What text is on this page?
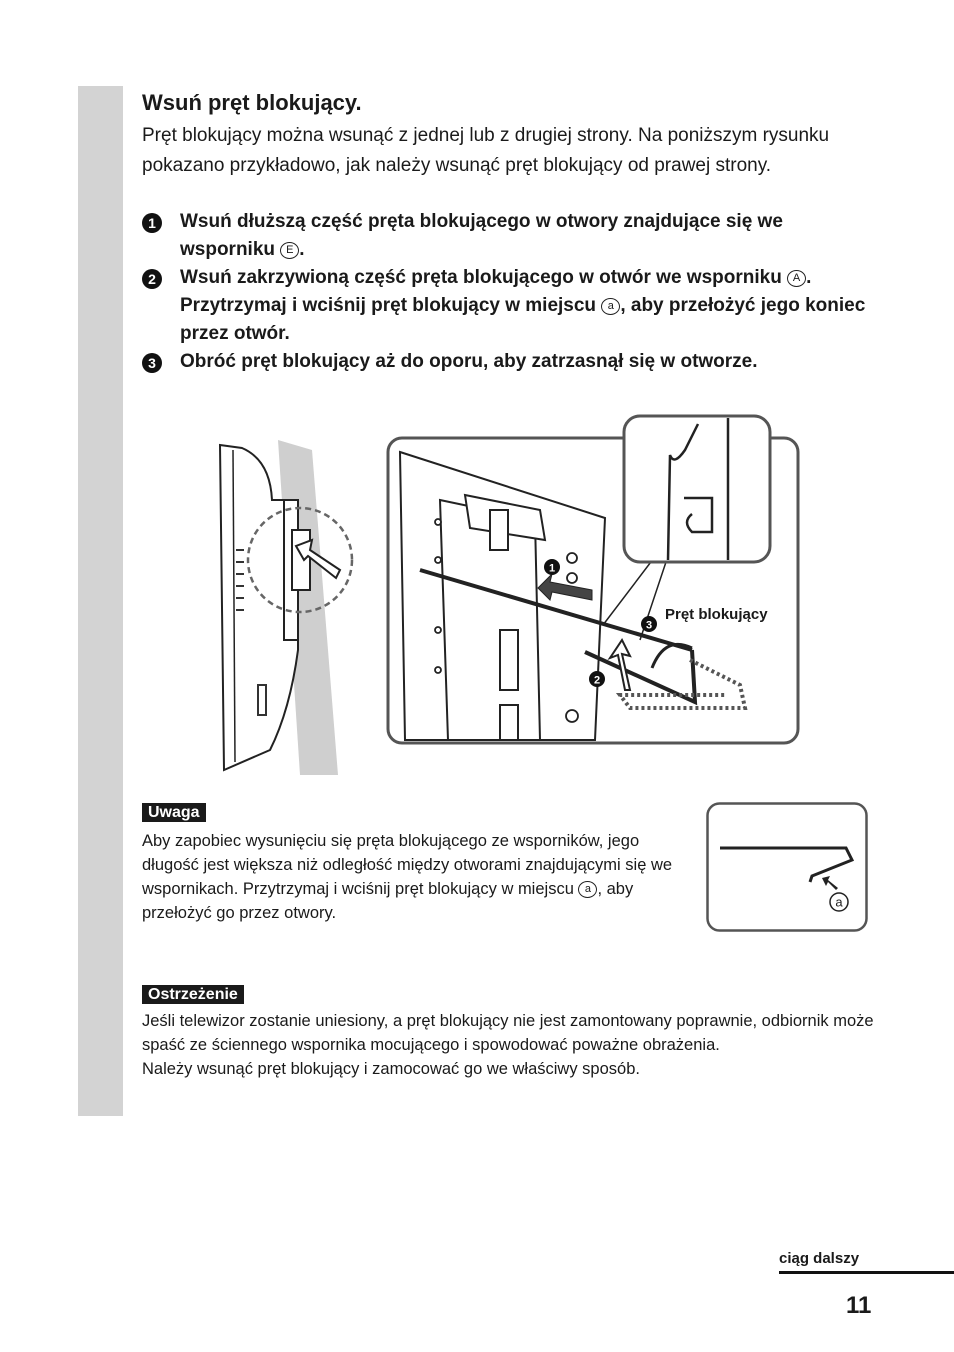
Wsuń pręt blokujący.

Pręt blokujący można wsunąć z jednej lub z drugiej strony. Na poniższym rysunku pokazano przykładowo, jak należy wsunąć pręt blokujący od prawej strony.

1	Wsuń dłuższą część pręta blokującego w otwory znajdujące się we wsporniku E .
2	Wsuń zakrzywioną część pręta blokującego w otwór we wsporniku A . Przytrzymaj i wciśnij pręt blokujący w miejscu a , aby przełożyć jego koniec przez otwór.
3	Obróć pręt blokujący aż do oporu, aby zatrzasnął się w otworze.
1
2
3
Pręt blokujący
Uwaga

Aby zapobiec wysunięciu się pręta blokującego ze wsporników, jego długość jest większa niż odległość między otworami znajdującymi się we wspornikach. Przytrzymaj i wciśnij pręt blokujący w miejscu a , aby przełożyć go przez otwory.

a
Ostrzeżenie

Jeśli telewizor zostanie uniesiony, a pręt blokujący nie jest zamontowany poprawnie, odbiornik może spaść ze ściennego wspornika mocującego i spowodować poważne obrażenia.

Należy wsunąć pręt blokujący i zamocować go we właściwy sposób.

ciąg dalszy
11
